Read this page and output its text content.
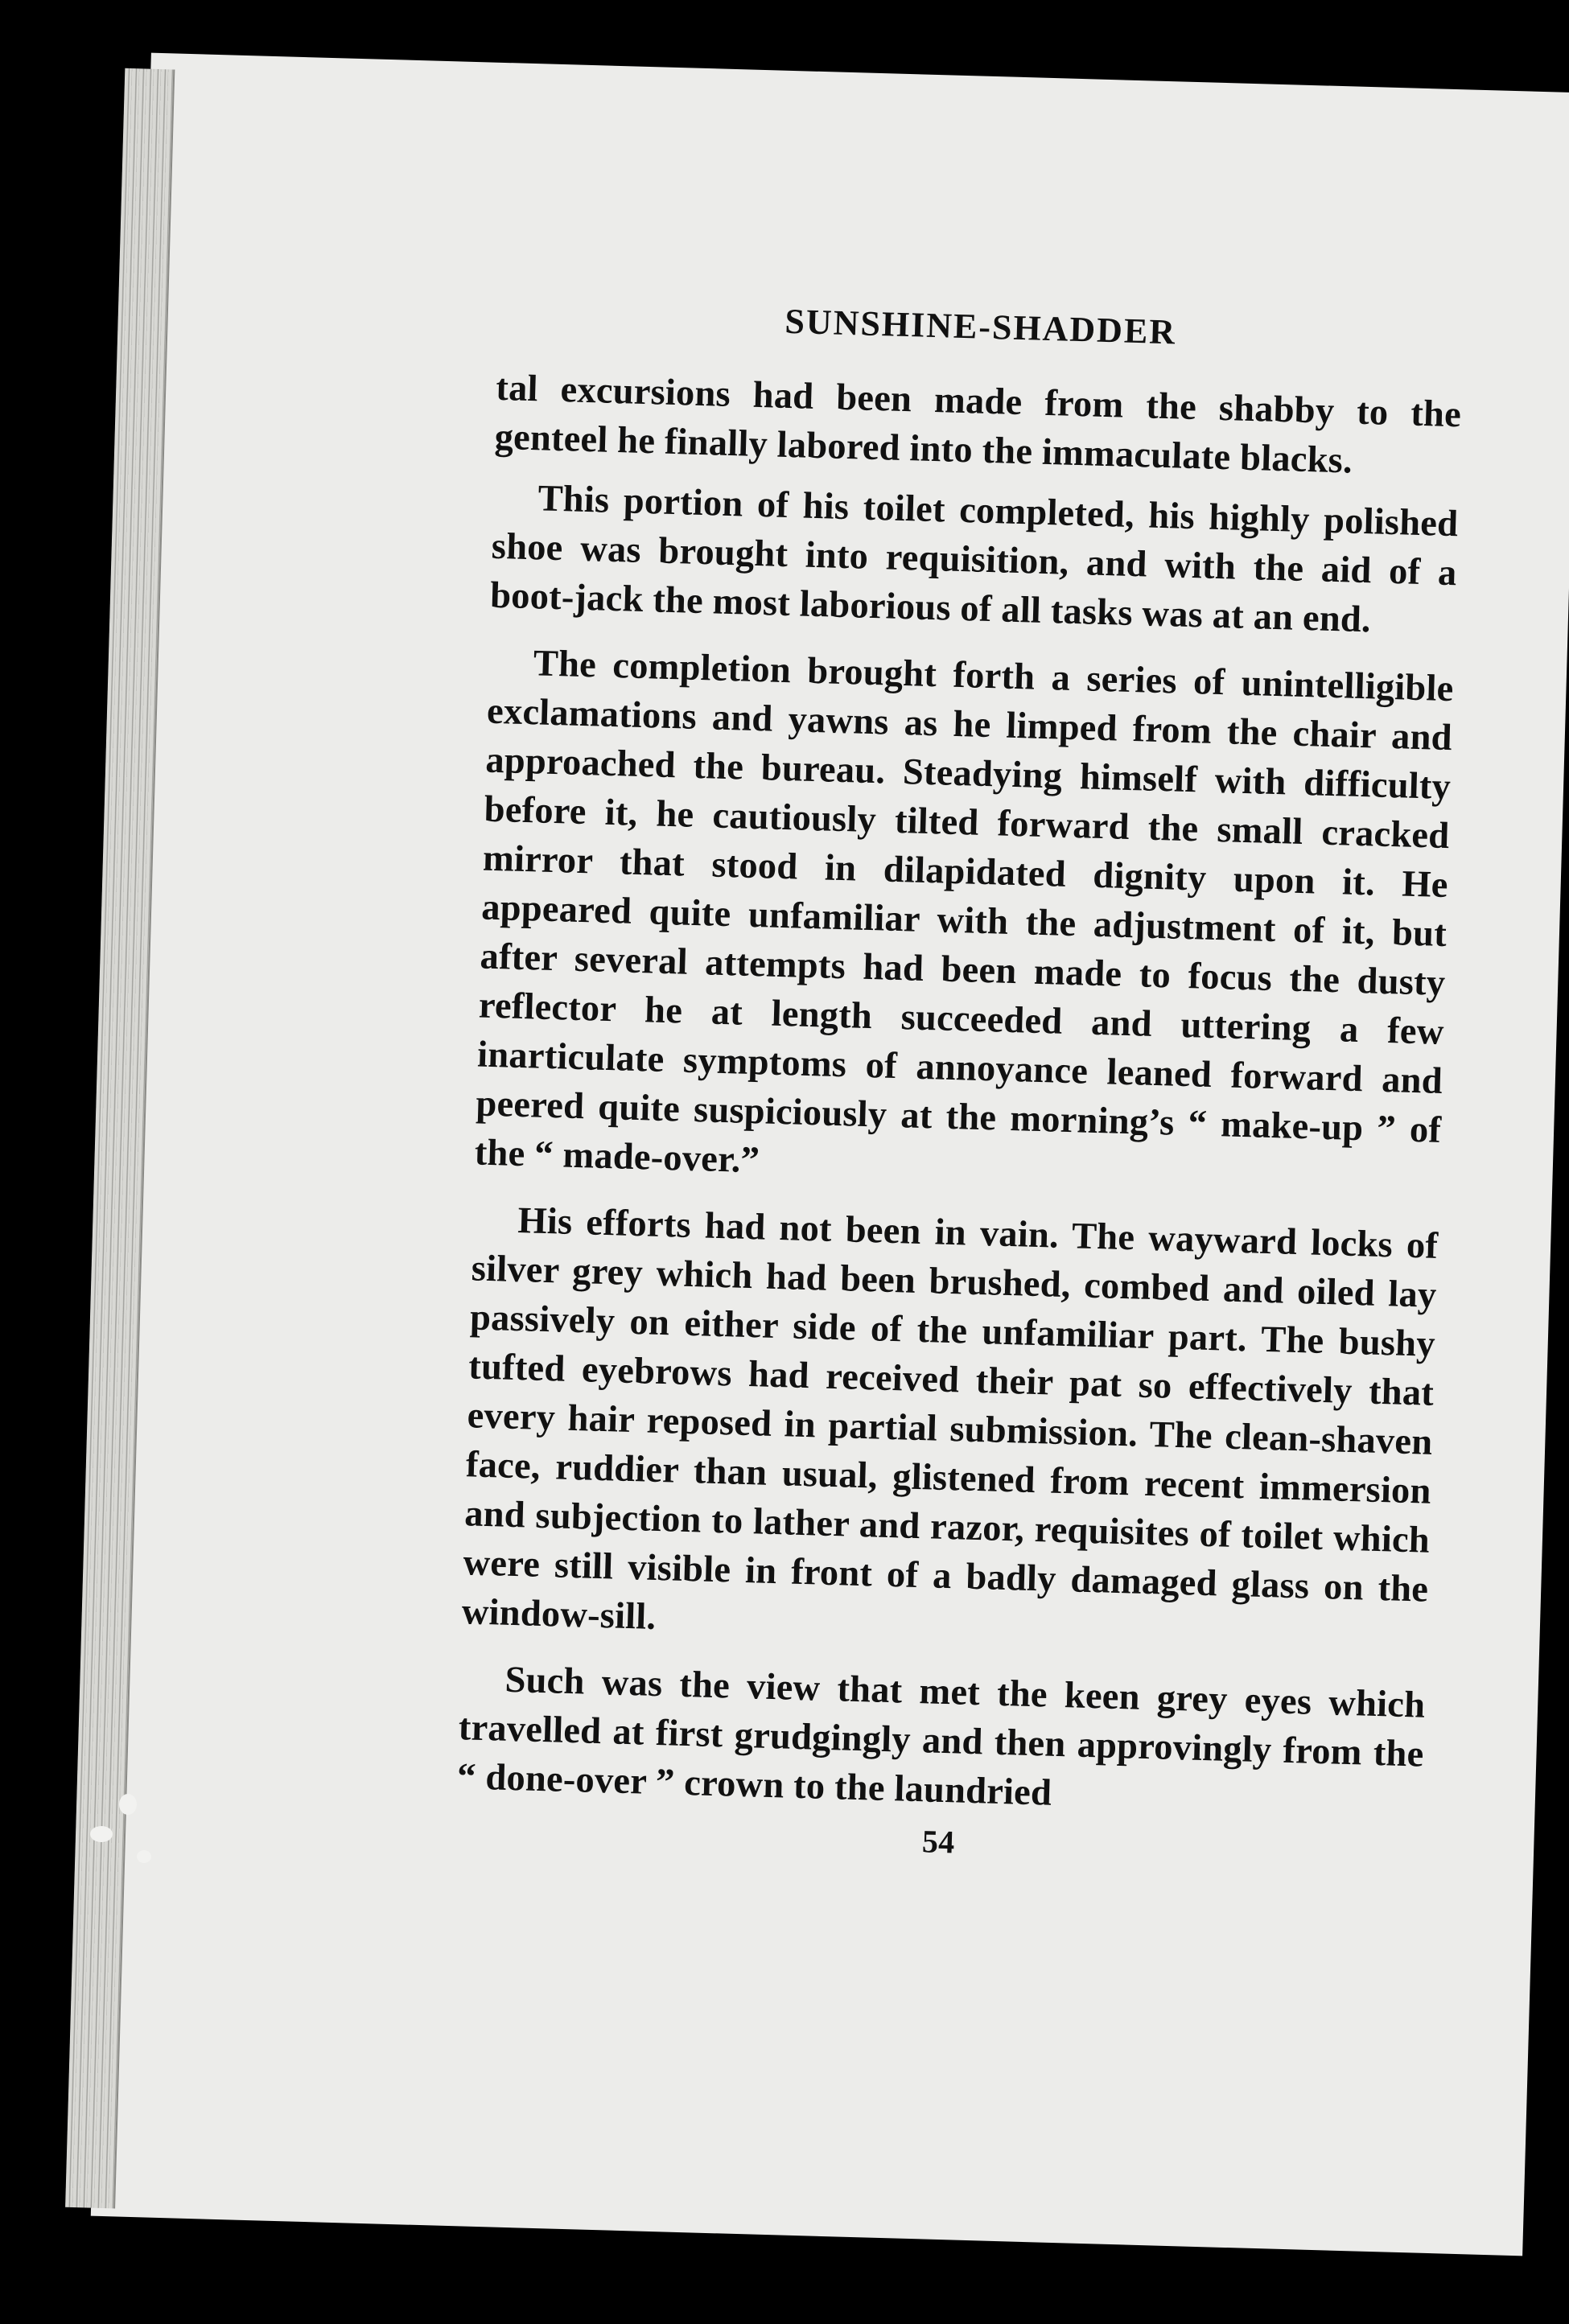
SUNSHINE-SHADDER

tal excursions had been made from the shabby to the genteel he finally labored into the immaculate blacks.

This portion of his toilet completed, his highly polished shoe was brought into requisition, and with the aid of a boot-jack the most laborious of all tasks was at an end.

The completion brought forth a series of unintelligible exclamations and yawns as he limped from the chair and approached the bureau. Steadying himself with difficulty before it, he cautiously tilted forward the small cracked mirror that stood in dilapidated dignity upon it. He appeared quite unfamiliar with the adjustment of it, but after several attempts had been made to focus the dusty reflector he at length succeeded and uttering a few inarticulate symptoms of annoyance leaned forward and peered quite suspiciously at the morning’s “ make-up ” of the “ made-over.”

His efforts had not been in vain. The wayward locks of silver grey which had been brushed, combed and oiled lay passively on either side of the unfamiliar part. The bushy tufted eyebrows had received their pat so effectively that every hair reposed in partial submission. The clean-shaven face, ruddier than usual, glistened from recent immersion and subjection to lather and razor, requisites of toilet which were still visible in front of a badly damaged glass on the window-sill.

Such was the view that met the keen grey eyes which travelled at first grudgingly and then approvingly from the “ done-over ” crown to the laundried

54
